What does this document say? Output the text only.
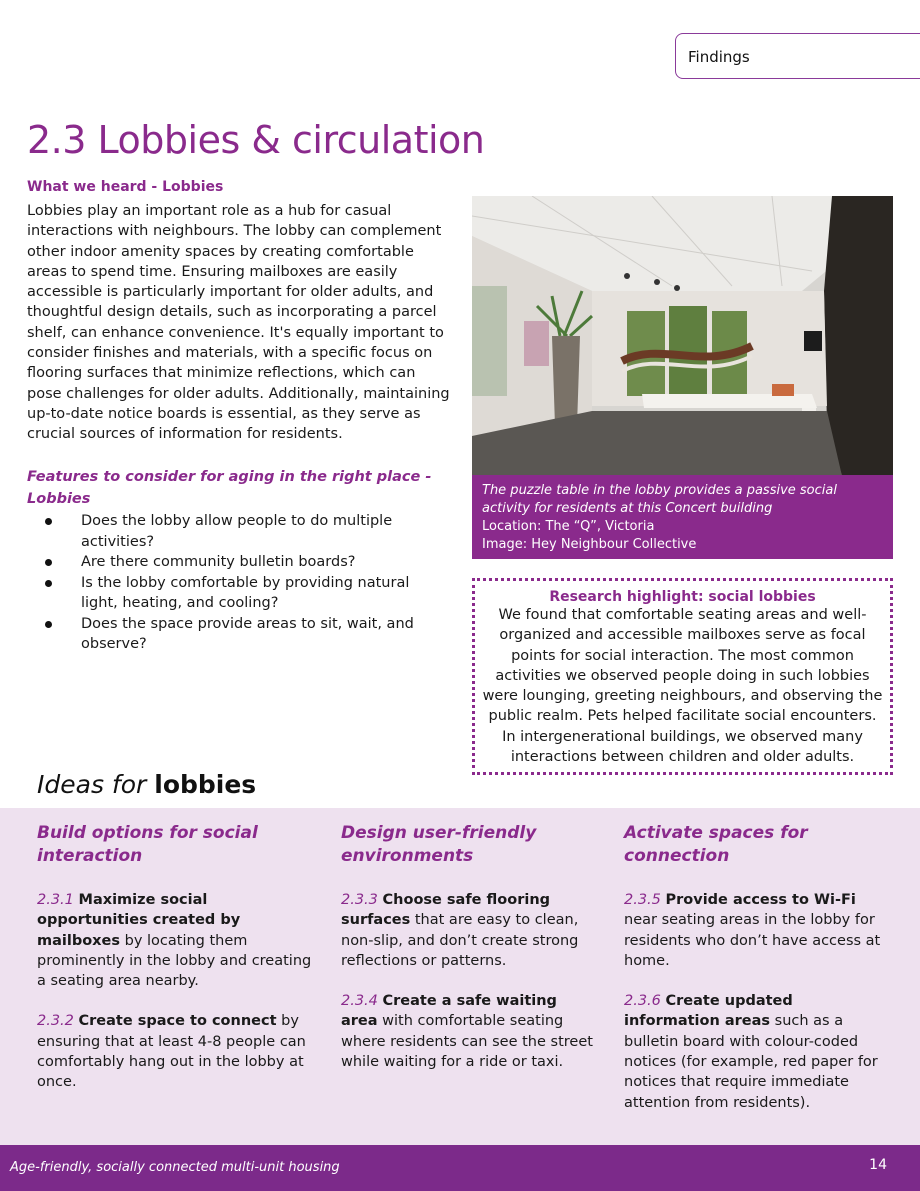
Findings
2.3 Lobbies & circulation
What we heard - Lobbies

Lobbies play an important role as a hub for casual interactions with neighbours. The lobby can complement other indoor amenity spaces by creating comfortable areas to spend time. Ensuring mailboxes are easily accessible is particularly important for older adults, and thoughtful design details, such as incorporating a parcel shelf, can enhance convenience. It's equally important to consider finishes and materials, with a specific focus on flooring surfaces that minimize reflections, which can pose challenges for older adults. Additionally, maintaining up-to-date notice boards is essential, as they serve as crucial sources of information for residents.

Features to consider for aging in the right place - Lobbies
Does the lobby allow people to do multiple activities?
Are there community bulletin boards?
Is the lobby comfortable by providing natural light, heating, and cooling?
Does the space provide areas to sit, wait, and observe?
The puzzle table in the lobby provides a passive social activity for residents at this Concert building
Location: The “Q”, Victoria
Image: Hey Neighbour Collective
Research highlight: social lobbies
We found that comfortable seating areas and well-organized and accessible mailboxes serve as focal points for social interaction. The most common activities we observed people doing in such lobbies were lounging, greeting neighbours, and observing the public realm. Pets helped facilitate social encounters. In intergenerational buildings, we observed many interactions between children and older adults.
Ideas for lobbies
Build options for social interaction

2.3.1 Maximize social opportunities created by mailboxes by locating them prominently in the lobby and creating a seating area nearby.

2.3.2 Create space to connect by ensuring that at least 4-8 people can comfortably hang out in the lobby at once.

Design user-friendly environments

2.3.3 Choose safe flooring surfaces that are easy to clean, non-slip, and don’t create strong reflections or patterns.

2.3.4 Create a safe waiting area with comfortable seating where residents can see the street while waiting for a ride or taxi.

Activate spaces for connection

2.3.5 Provide access to Wi-Fi near seating areas in the lobby for residents who don’t have access at home.

2.3.6 Create updated information areas such as a bulletin board with colour-coded notices (for example, red paper for notices that require immediate attention from residents).

Age-friendly, socially connected multi-unit housing	14
